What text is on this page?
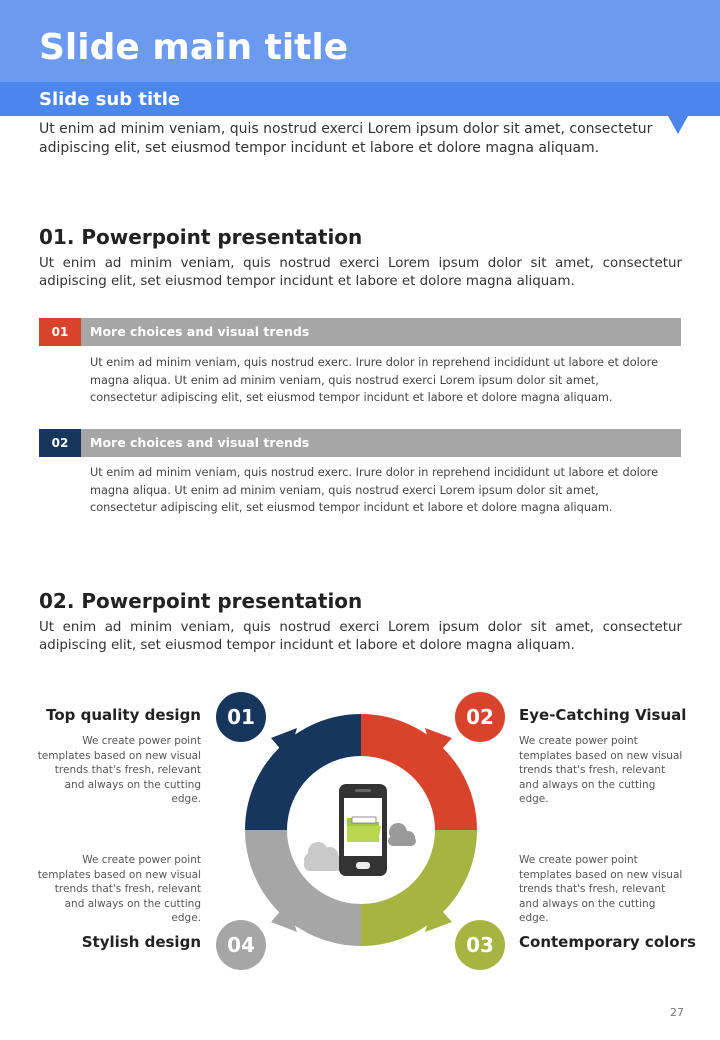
Slide main title
Slide sub title
Ut enim ad minim veniam, quis nostrud exerci Lorem ipsum dolor sit amet, consectetur adipiscing elit, set eiusmod tempor incidunt et labore et dolore magna aliquam.
01. Powerpoint presentation
Ut enim ad minim veniam, quis nostrud exerci Lorem ipsum dolor sit amet, consectetur adipiscing elit, set eiusmod tempor incidunt et labore et dolore magna aliquam.
01	More choices and visual trends
Ut enim ad minim veniam, quis nostrud exerc. Irure dolor in reprehend incididunt ut labore et dolore magna aliqua. Ut enim ad minim veniam, quis nostrud exerci Lorem ipsum dolor sit amet, consectetur adipiscing elit, set eiusmod tempor incidunt et labore et dolore magna aliquam.
02	More choices and visual trends
Ut enim ad minim veniam, quis nostrud exerc. Irure dolor in reprehend incididunt ut labore et dolore magna aliqua. Ut enim ad minim veniam, quis nostrud exerci Lorem ipsum dolor sit amet, consectetur adipiscing elit, set eiusmod tempor incidunt et labore et dolore magna aliquam.
02. Powerpoint presentation
Ut enim ad minim veniam, quis nostrud exerci Lorem ipsum dolor sit amet, consectetur adipiscing elit, set eiusmod tempor incidunt et labore et dolore magna aliquam.
01	02
03
04
Top quality design
We create power point templates based on new visual trends that's fresh, relevant and always on the cutting edge.
Eye-Catching Visual
We create power point templates based on new visual trends that's fresh, relevant and always on the cutting edge.
We create power point templates based on new visual trends that's fresh, relevant and always on the cutting edge.
Contemporary colors
We create power point templates based on new visual trends that's fresh, relevant and always on the cutting edge.
Stylish design
27
